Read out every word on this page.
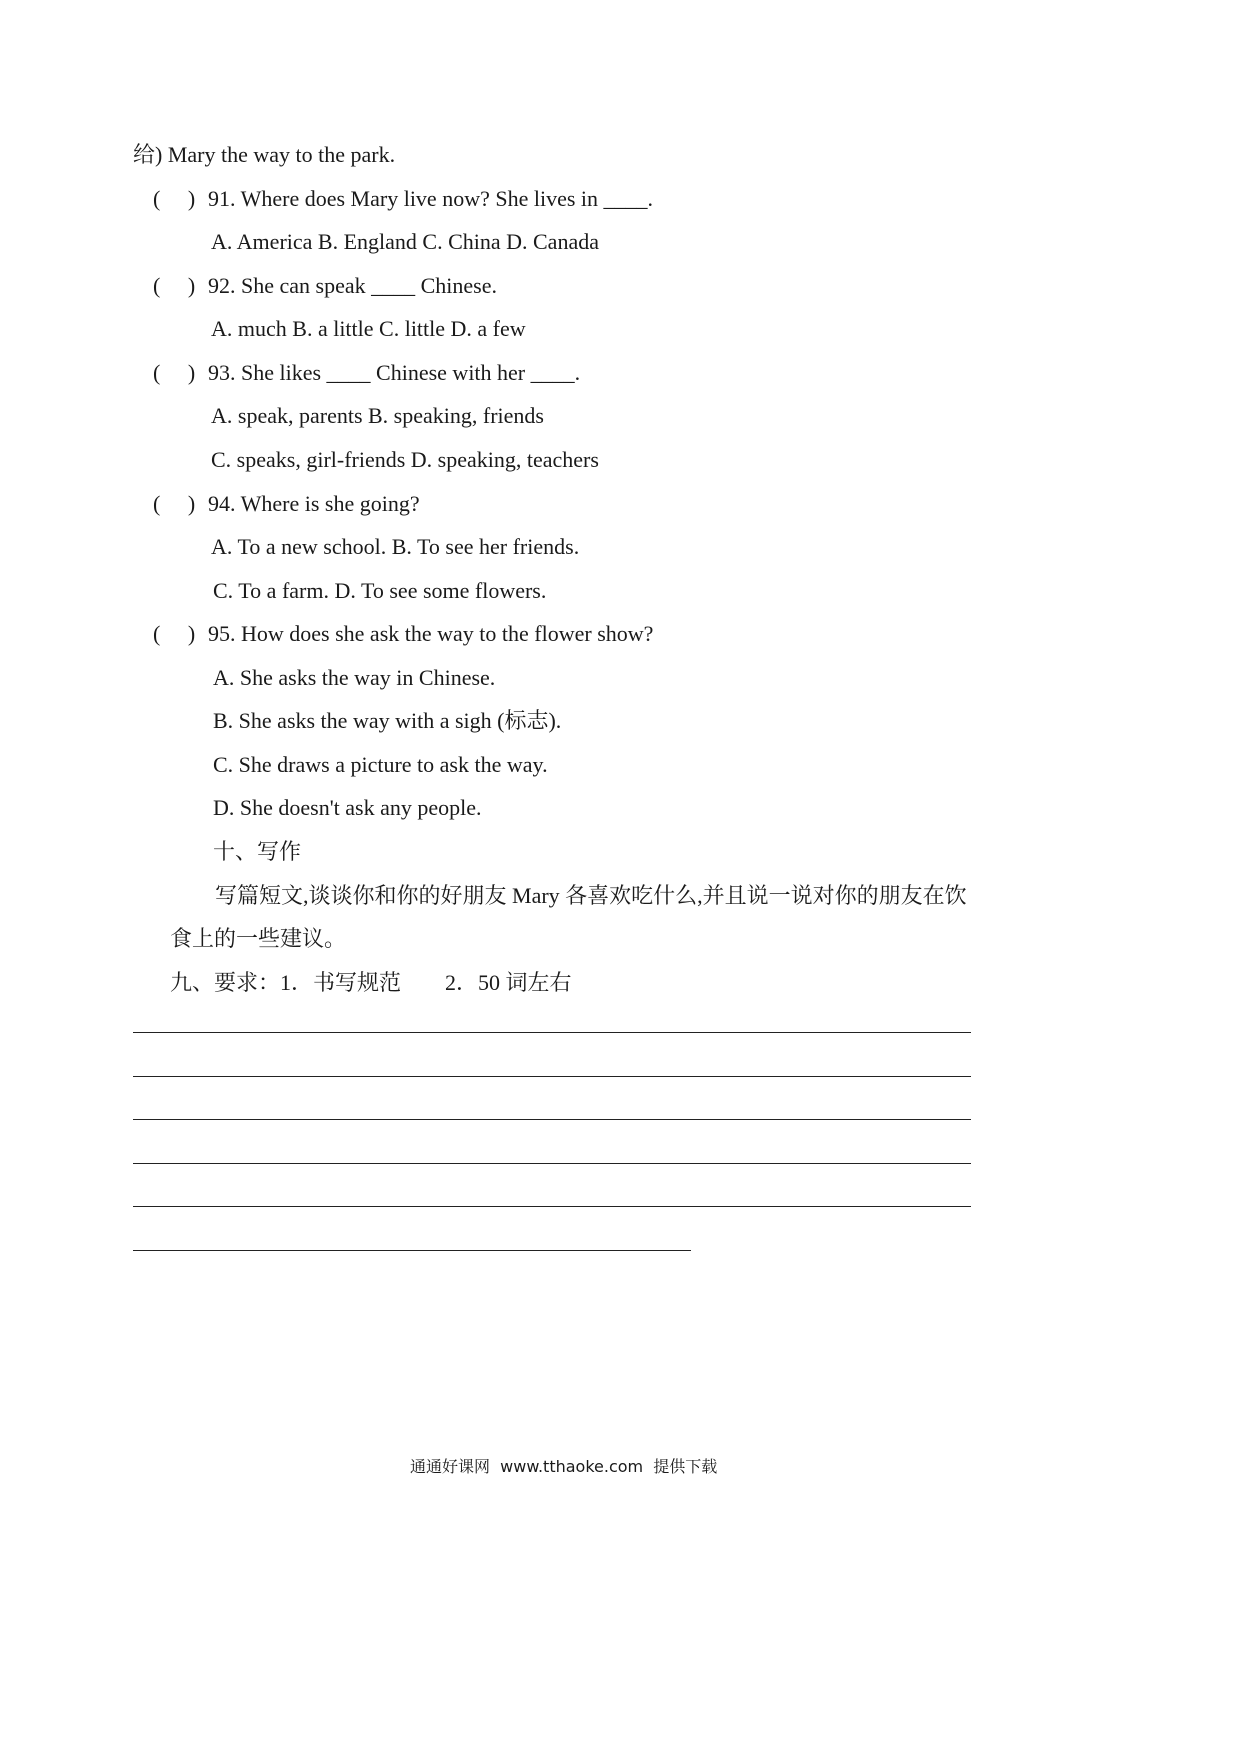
给) Mary the way to the park.
(     ) 91. Where does Mary live now? She lives in ____.
A. America B. England C. China D. Canada
(     ) 92. She can speak ____ Chinese.
A. much B. a little C. little D. a few
(     ) 93. She likes ____ Chinese with her ____.
A. speak, parents B. speaking, friends
C. speaks, girl-friends D. speaking, teachers
(     ) 94. Where is she going?
A. To a new school. B. To see her friends.
C. To a farm. D. To see some flowers.
(     ) 95. How does she ask the way to the flower show?
A. She asks the way in Chinese.
B. She asks the way with a sigh (标志).
C. She draws a picture to ask the way.
D. She doesn't ask any people.
十、写作
写篇短文,谈谈你和你的好朋友 Mary 各喜欢吃什么,并且说一说对你的朋友在饮
食上的一些建议。
九、要求：1．书写规范        2．50 词左右
通通好课网  www.tthaoke.com  提供下载
